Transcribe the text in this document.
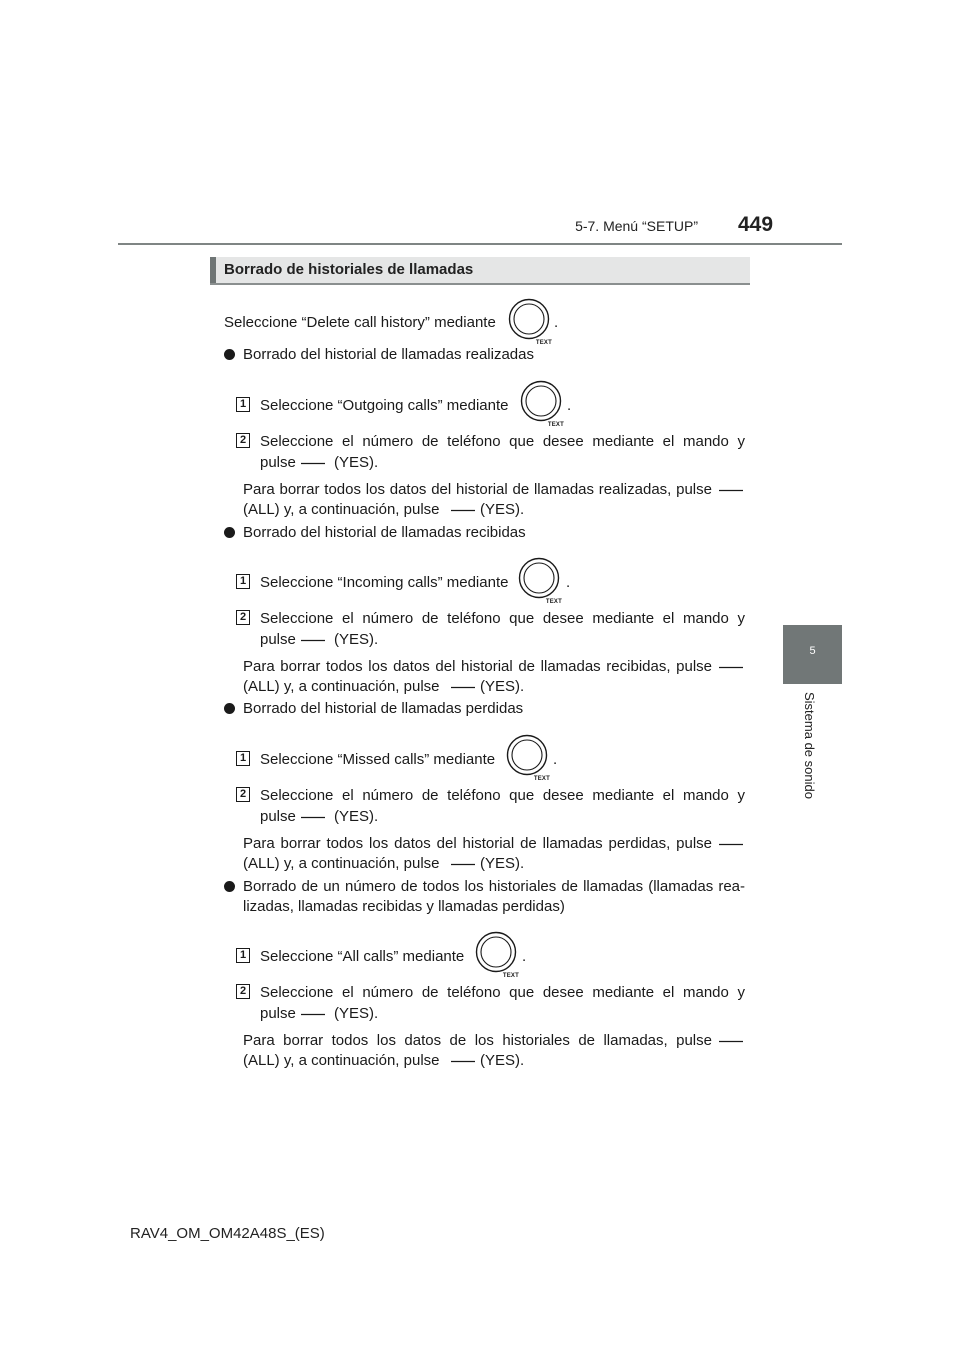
5-7. Menú “SETUP” 449
5
Sistema de sonido
Borrado de historiales de llamadas
Seleccione “Delete call history” mediante
TEXT
.
Borrado del historial de llamadas realizadas
1 Seleccione “Outgoing calls” mediante
TEXT
.
2 Seleccione el número de teléfono que desee mediante el mando y
pulse	(YES).
Para borrar todos los datos del historial de llamadas realizadas, pulse
(ALL) y, a continuación, pulse	(YES).
Borrado del historial de llamadas recibidas
1 Seleccione “Incoming calls” mediante
TEXT
.
2 Seleccione el número de teléfono que desee mediante el mando y
pulse	(YES).
Para borrar todos los datos del historial de llamadas recibidas, pulse
(ALL) y, a continuación, pulse	(YES).
Borrado del historial de llamadas perdidas
1 Seleccione “Missed calls” mediante
TEXT
.
2 Seleccione el número de teléfono que desee mediante el mando y
pulse	(YES).
Para borrar todos los datos del historial de llamadas perdidas, pulse
(ALL) y, a continuación, pulse	(YES).
Borrado de un número de todos los historiales de llamadas (llamadas rea-
lizadas, llamadas recibidas y llamadas perdidas)
1 Seleccione “All calls” mediante
TEXT
.
2 Seleccione el número de teléfono que desee mediante el mando y
pulse	(YES).
Para borrar todos los datos de los historiales de llamadas, pulse
(ALL) y, a continuación, pulse	(YES).
RAV4_OM_OM42A48S_(ES)
